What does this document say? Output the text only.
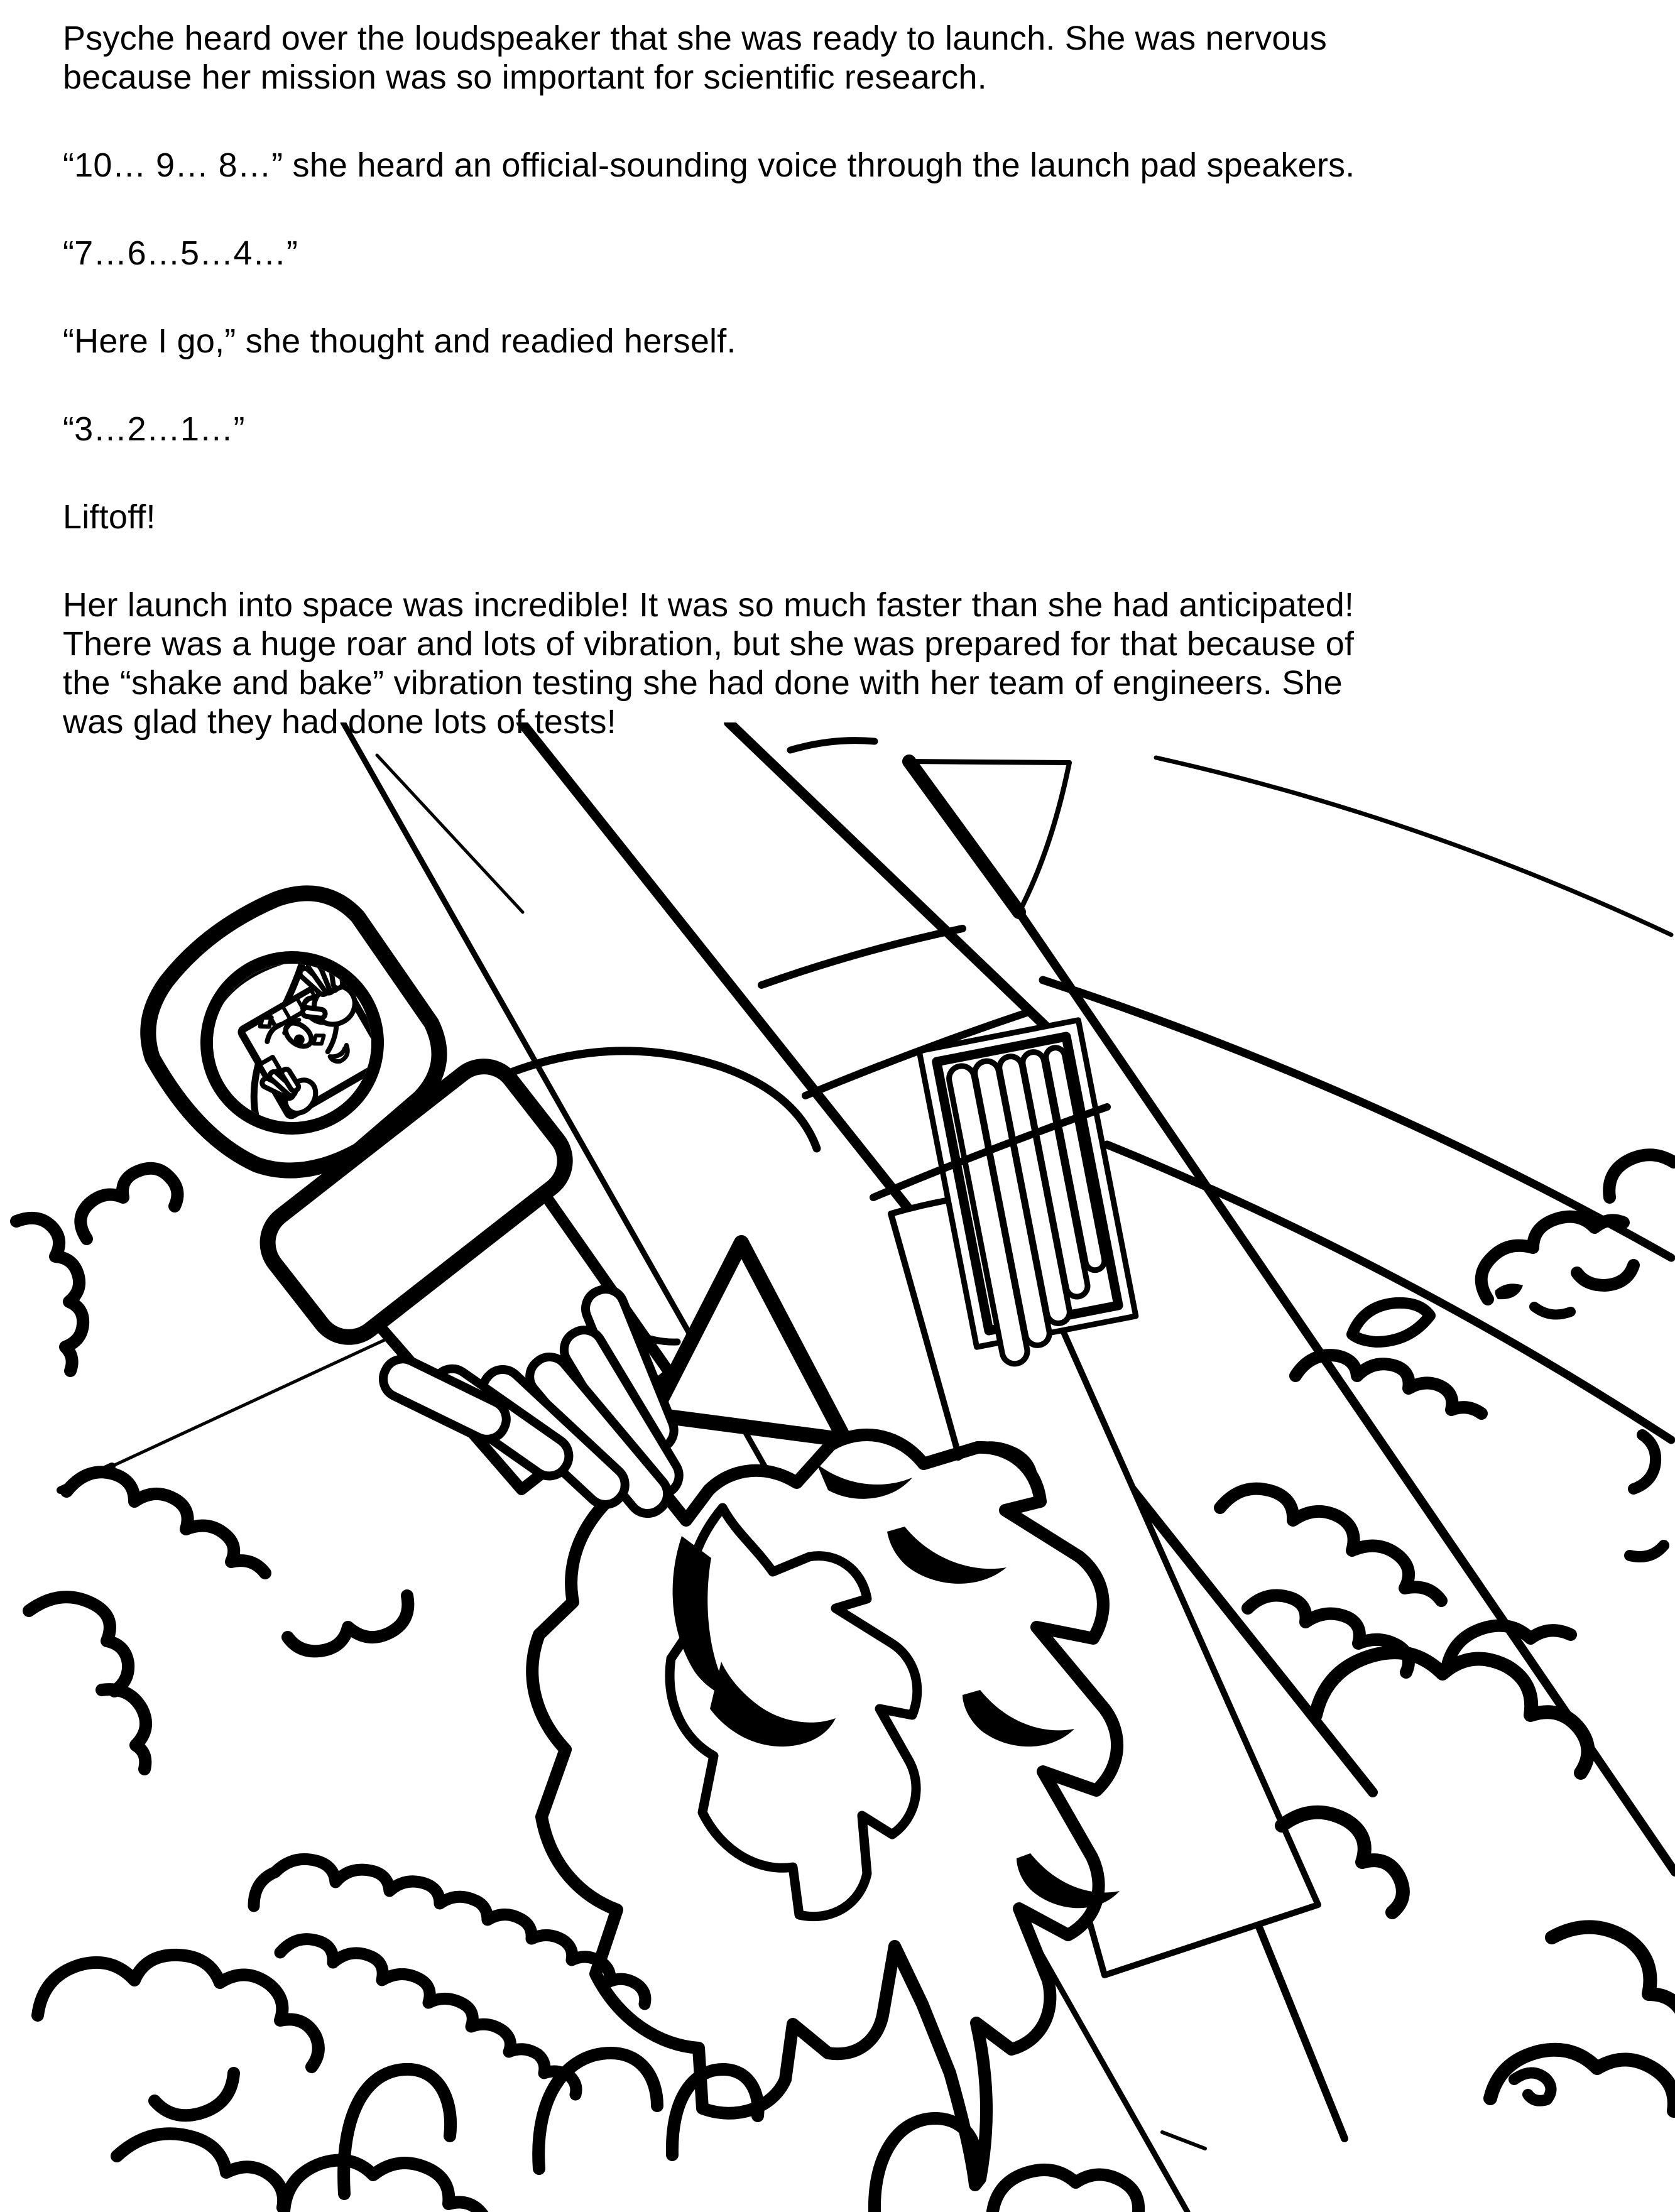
Psyche heard over the loudspeaker that she was ready to launch. She was nervous
because her mission was so important for scientific research.

“10… 9… 8…” she heard an official-sounding voice through the launch pad speakers.

“7…6…5…4…”

“Here I go,” she thought and readied herself.

“3…2…1…”

Liftoff!

Her launch into space was incredible! It was so much faster than she had anticipated!
There was a huge roar and lots of vibration, but she was prepared for that because of
the “shake and bake” vibration testing she had done with her team of engineers. She
was glad they had done lots of tests!
